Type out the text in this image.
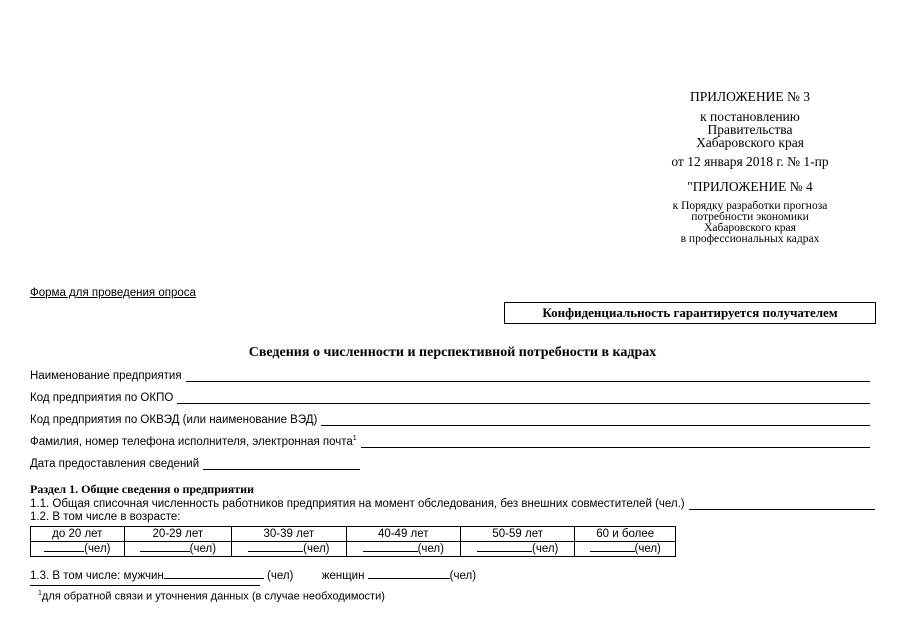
ПРИЛОЖЕНИЕ № 3
к постановлению
Правительства
Хабаровского края
от 12 января 2018 г. № 1-пр
"ПРИЛОЖЕНИЕ № 4
к Порядку разработки прогноза
потребности экономики
Хабаровского края
в профессиональных кадрах
Форма для проведения опроса
Конфиденциальность гарантируется получателем
Сведения о численности и перспективной потребности в кадрах
Наименование предприятия
Код предприятия по ОКПО
Код предприятия по ОКВЭД (или наименование ВЭД)
Фамилия, номер телефона исполнителя, электронная почта$^1$
Дата предоставления сведений
Раздел 1. Общие сведения о предприятии
1.1. Общая списочная численность работников предприятия на момент обследования, без внешних совместителей (чел.)
1.2. В том числе в возрасте:
до 20 лет	20-29 лет	30-39 лет	40-49 лет	50-59 лет	60 и более
(чел)	(чел)	(чел)	(чел)	(чел)	(чел)
1.3. В том числе: мужчин	(чел) женщин	(чел)
$^1$для обратной связи и уточнения данных (в случае необходимости)
